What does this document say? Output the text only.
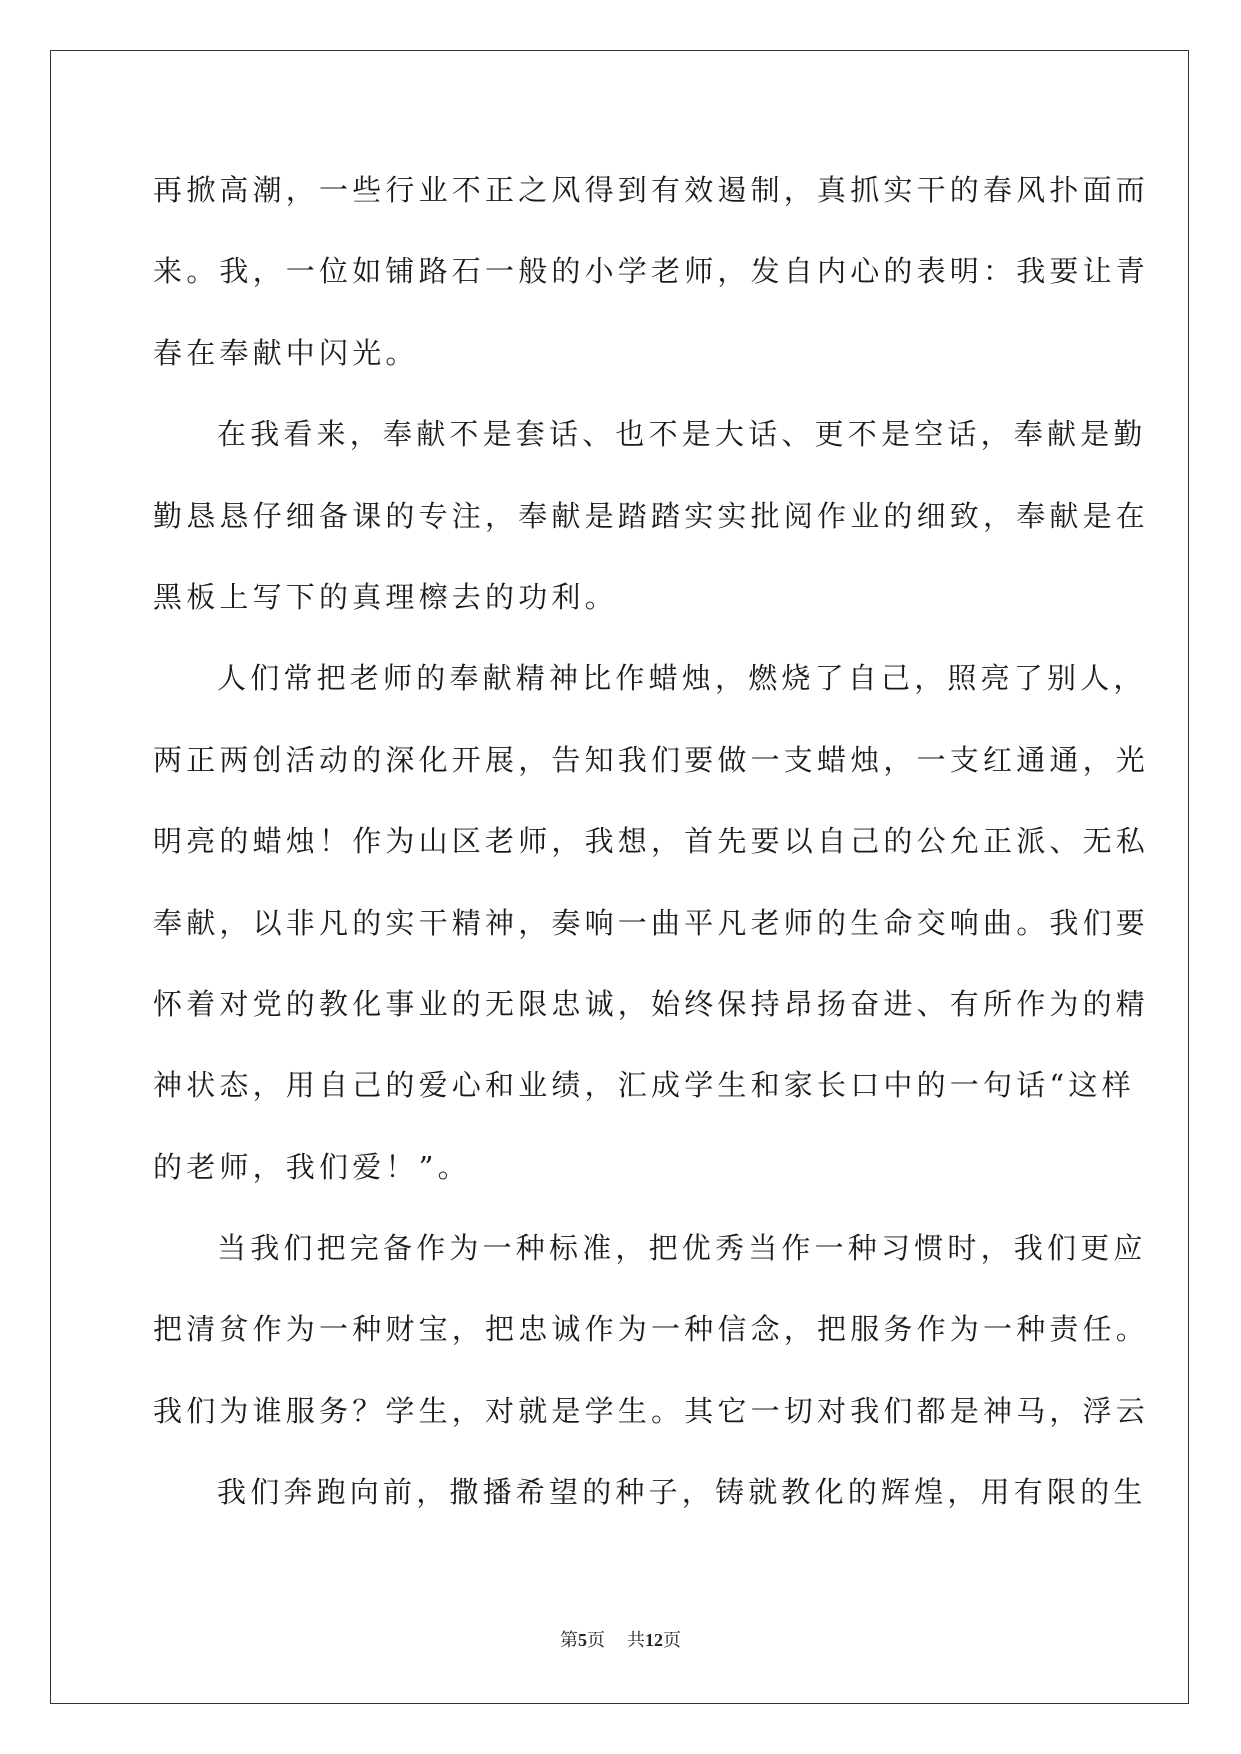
再掀高潮，一些行业不正之风得到有效遏制，真抓实干的春风扑面而
来。我，一位如铺路石一般的小学老师，发自内心的表明：我要让青
春在奉献中闪光。
在我看来，奉献不是套话、也不是大话、更不是空话，奉献是勤
勤恳恳仔细备课的专注，奉献是踏踏实实批阅作业的细致，奉献是在
黑板上写下的真理檫去的功利。
人们常把老师的奉献精神比作蜡烛，燃烧了自己，照亮了别人，
两正两创活动的深化开展，告知我们要做一支蜡烛，一支红通通，光
明亮的蜡烛！作为山区老师，我想，首先要以自己的公允正派、无私
奉献，以非凡的实干精神，奏响一曲平凡老师的生命交响曲。我们要
怀着对党的教化事业的无限忠诚，始终保持昂扬奋进、有所作为的精
神状态，用自己的爱心和业绩，汇成学生和家长口中的一句话“这样
的老师，我们爱！”。
当我们把完备作为一种标准，把优秀当作一种习惯时，我们更应
把清贫作为一种财宝，把忠诚作为一种信念，把服务作为一种责任。
我们为谁服务？学生，对就是学生。其它一切对我们都是神马，浮云
我们奔跑向前，撒播希望的种子，铸就教化的辉煌，用有限的生
第5页 共12页
